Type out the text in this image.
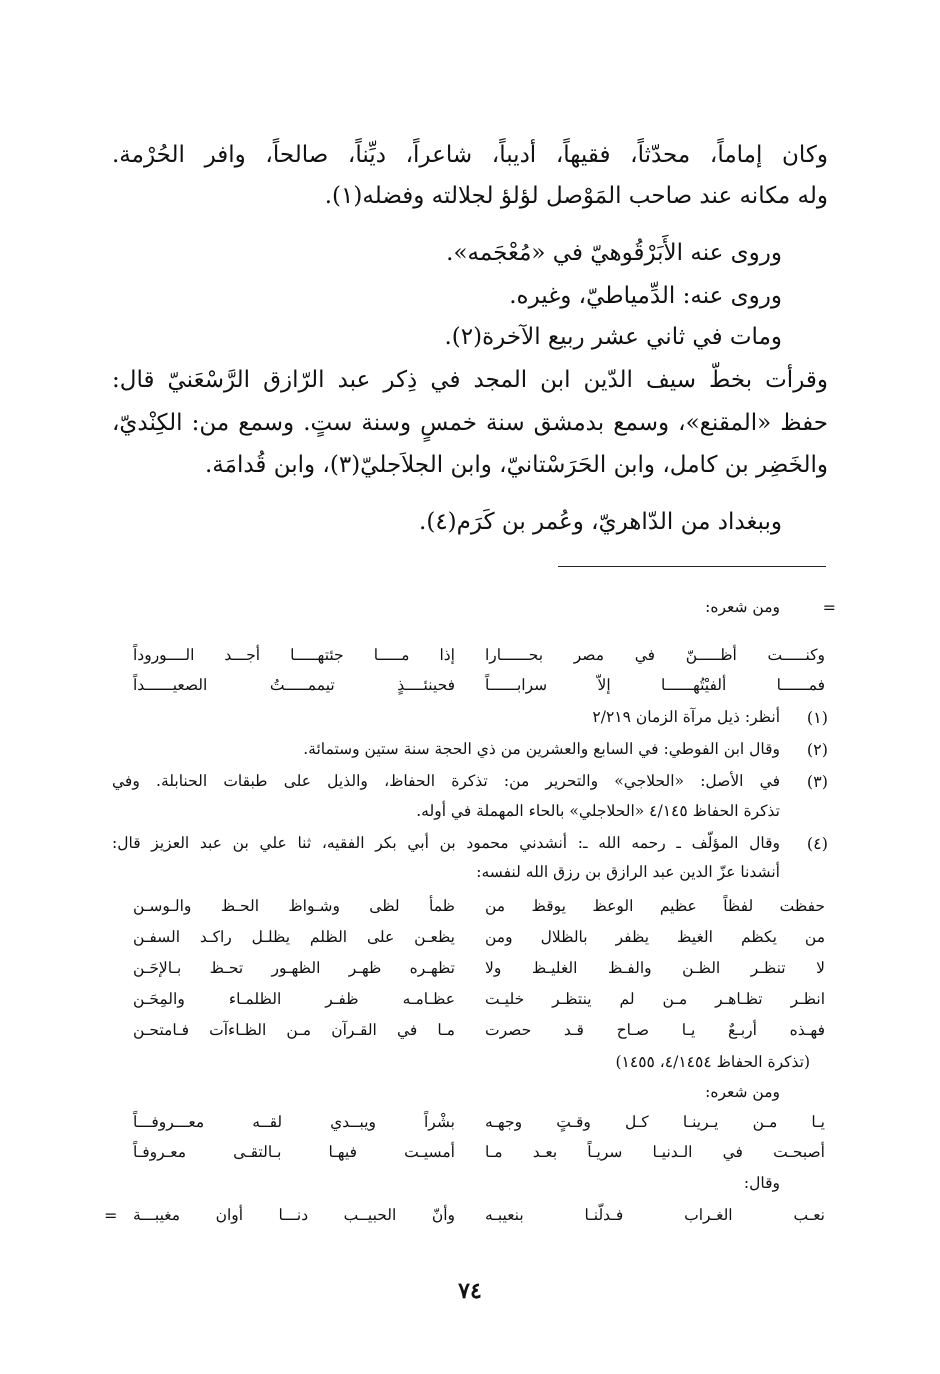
وكان إماماً، محدّثاً، فقيهاً، أديباً، شاعراً، ديِّناً، صالحاً، وافر الحُرْمة.
وله مكانه عند صاحب المَوْصل لؤلؤ لجلالته وفضله(١).
وروى عنه الأَبَرْقُوهيّ في «مُعْجَمه».
وروى عنه: الدِّمياطيّ، وغيره.
ومات في ثاني عشر ربيع الآخرة(٢).
وقرأت بخطّ سيف الدّين ابن المجد في ذِكر عبد الرّازق الرَّسْعَنيّ قال:
حفظ «المقنع»، وسمع بدمشق سنة خمسٍ وسنة ستٍ. وسمع من: الكِنْديّ،
والخَضِر بن كامل، وابن الحَرَسْتانيّ، وابن الجلاَجليّ(٣)، وابن قُدامَة.
وببغداد من الدّاهريّ، وعُمر بن كَرَم(٤).
=
ومن شعره:
وكنـــــت أظـــــنّ في مصر بحــــــارا
إذا مـــــا جئتهـــــا أجـــد الــــوروداً
فمــــــا ألفيْتُهــــــا إلاّ سرابــــــاً
فحينئــــذٍ تيممـــــتُ الصعيــــــداً
(١)
أنظر: ذيل مرآة الزمان ٢/٢١٩
(٢)
وقال ابن الفوطي: في السابع والعشرين من ذي الحجة سنة ستين وستمائة.
(٣)
في الأصل: «الحلاجي» والتحرير من: تذكرة الحفاظ، والذيل على طبقات الحنابلة. وفي
تذكرة الحفاظ ٤/١٤٥ «الحلاجلي» بالحاء المهملة في أوله.
(٤)
وقال المؤلّف ـ رحمه الله ـ: أنشدني محمود بن أبي بكر الفقيه، ثنا علي بن عبد العزيز قال:
أنشدنا عزّ الدين عبد الرازق بن رزق الله لنفسه:
حفظت لفظاً عظيم الوعظ يوقظ من
ظمأ لظى وشـواظ الحـظ والـوسـن
من يكظم الغيظ يظفر بالظلال ومن
يظعـن على الظلم يظلـل راكـد السفـن
لا تنظـر الظـن والفـظ الغليـظ ولا
تظهـره ظهـر الظهـور تحـظ بـالإحَـن
انظـر تظـاهـر مـن لم ينتظـر خليـت
عظـامـه ظفـر الظلمـاء والمِحَـن
فهـذه أربـعٌ يـا صـاح قـد حصرت
مـا في القـرآن مـن الظـاءآت فـامتحـن
(تذكرة الحفاظ ٤/١٤٥٤، ١٤٥٥)
ومن شعره:
يـا مـن يـرينـا كـل وقـتٍ وجهـه
بشْراً ويبــدي لقــه معـــروفـــاً
أصبحـت في الـدنيـا سريـاً بعـد مـا
أمسيـت فيهـا بـالتقـى معـروفـاً
وقال:
نعـب الغـراب فـدلّنـا بنعيبـه
وأنّ الحبيــب دنـــا أوان مغيبـــة
=
٧٤
